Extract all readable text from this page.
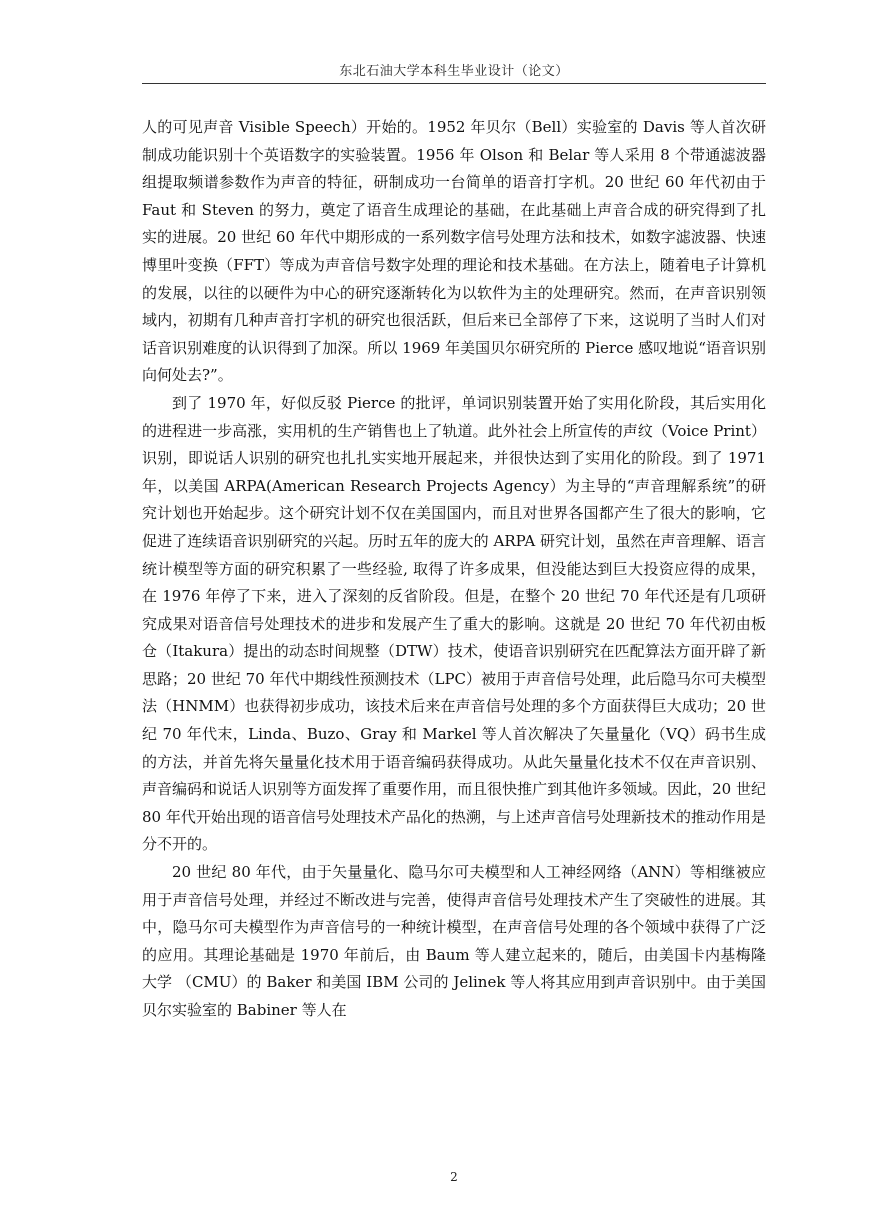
东北石油大学本科生毕业设计（论文）

人的可见声音 Visible Speech）开始的。1952 年贝尔（Bell）实验室的 Davis 等人首次研制成功能识别十个英语数字的实验装置。1956 年 Olson 和 Belar 等人采用 8 个带通滤波器组提取频谱参数作为声音的特征，研制成功一台简单的语音打字机。20 世纪 60 年代初由于 Faut 和 Steven 的努力，奠定了语音生成理论的基础，在此基础上声音合成的研究得到了扎实的进展。20 世纪 60 年代中期形成的一系列数字信号处理方法和技术，如数字滤波器、快速博里叶变换（FFT）等成为声音信号数字处理的理论和技术基础。在方法上，随着电子计算机的发展，以往的以硬件为中心的研究逐渐转化为以软件为主的处理研究。然而，在声音识别领域内，初期有几种声音打字机的研究也很活跃，但后来已全部停了下来，这说明了当时人们对话音识别难度的认识得到了加深。所以 1969 年美国贝尔研究所的 Pierce 感叹地说“语音识别向何处去?”。

到了 1970 年，好似反驳 Pierce 的批评，单词识别装置开始了实用化阶段，其后实用化的进程进一步高涨，实用机的生产销售也上了轨道。此外社会上所宣传的声纹（Voice Print）识别，即说话人识别的研究也扎扎实实地开展起来，并很快达到了实用化的阶段。到了 1971 年，以美国 ARPA(American Research Projects Agency）为主导的“声音理解系统”的研究计划也开始起步。这个研究计划不仅在美国国内，而且对世界各国都产生了很大的影响，它促进了连续语音识别研究的兴起。历时五年的庞大的 ARPA 研究计划，虽然在声音理解、语言统计模型等方面的研究积累了一些经验, 取得了许多成果，但没能达到巨大投资应得的成果，在 1976 年停了下来，进入了深刻的反省阶段。但是，在整个 20 世纪 70 年代还是有几项研究成果对语音信号处理技术的进步和发展产生了重大的影响。这就是 20 世纪 70 年代初由板仓（Itakura）提出的动态时间规整（DTW）技术，使语音识别研究在匹配算法方面开辟了新思路；20 世纪 70 年代中期线性预测技术（LPC）被用于声音信号处理，此后隐马尔可夫模型法（HNMM）也获得初步成功，该技术后来在声音信号处理的多个方面获得巨大成功；20 世纪 70 年代末，Linda、Buzo、Gray 和 Markel 等人首次解决了矢量量化（VQ）码书生成的方法，并首先将矢量量化技术用于语音编码获得成功。从此矢量量化技术不仅在声音识别、声音编码和说话人识别等方面发挥了重要作用，而且很快推广到其他许多领域。因此，20 世纪 80 年代开始出现的语音信号处理技术产品化的热溯，与上述声音信号处理新技术的推动作用是分不开的。

20 世纪 80 年代，由于矢量量化、隐马尔可夫模型和人工神经网络（ANN）等相继被应用于声音信号处理，并经过不断改进与完善，使得声音信号处理技术产生了突破性的进展。其中，隐马尔可夫模型作为声音信号的一种统计模型，在声音信号处理的各个领域中获得了广泛的应用。其理论基础是 1970 年前后，由 Baum 等人建立起来的，随后，由美国卡内基梅隆大学 （CMU）的 Baker 和美国 IBM 公司的 Jelinek 等人将其应用到声音识别中。由于美国贝尔实验室的 Babiner 等人在

2
